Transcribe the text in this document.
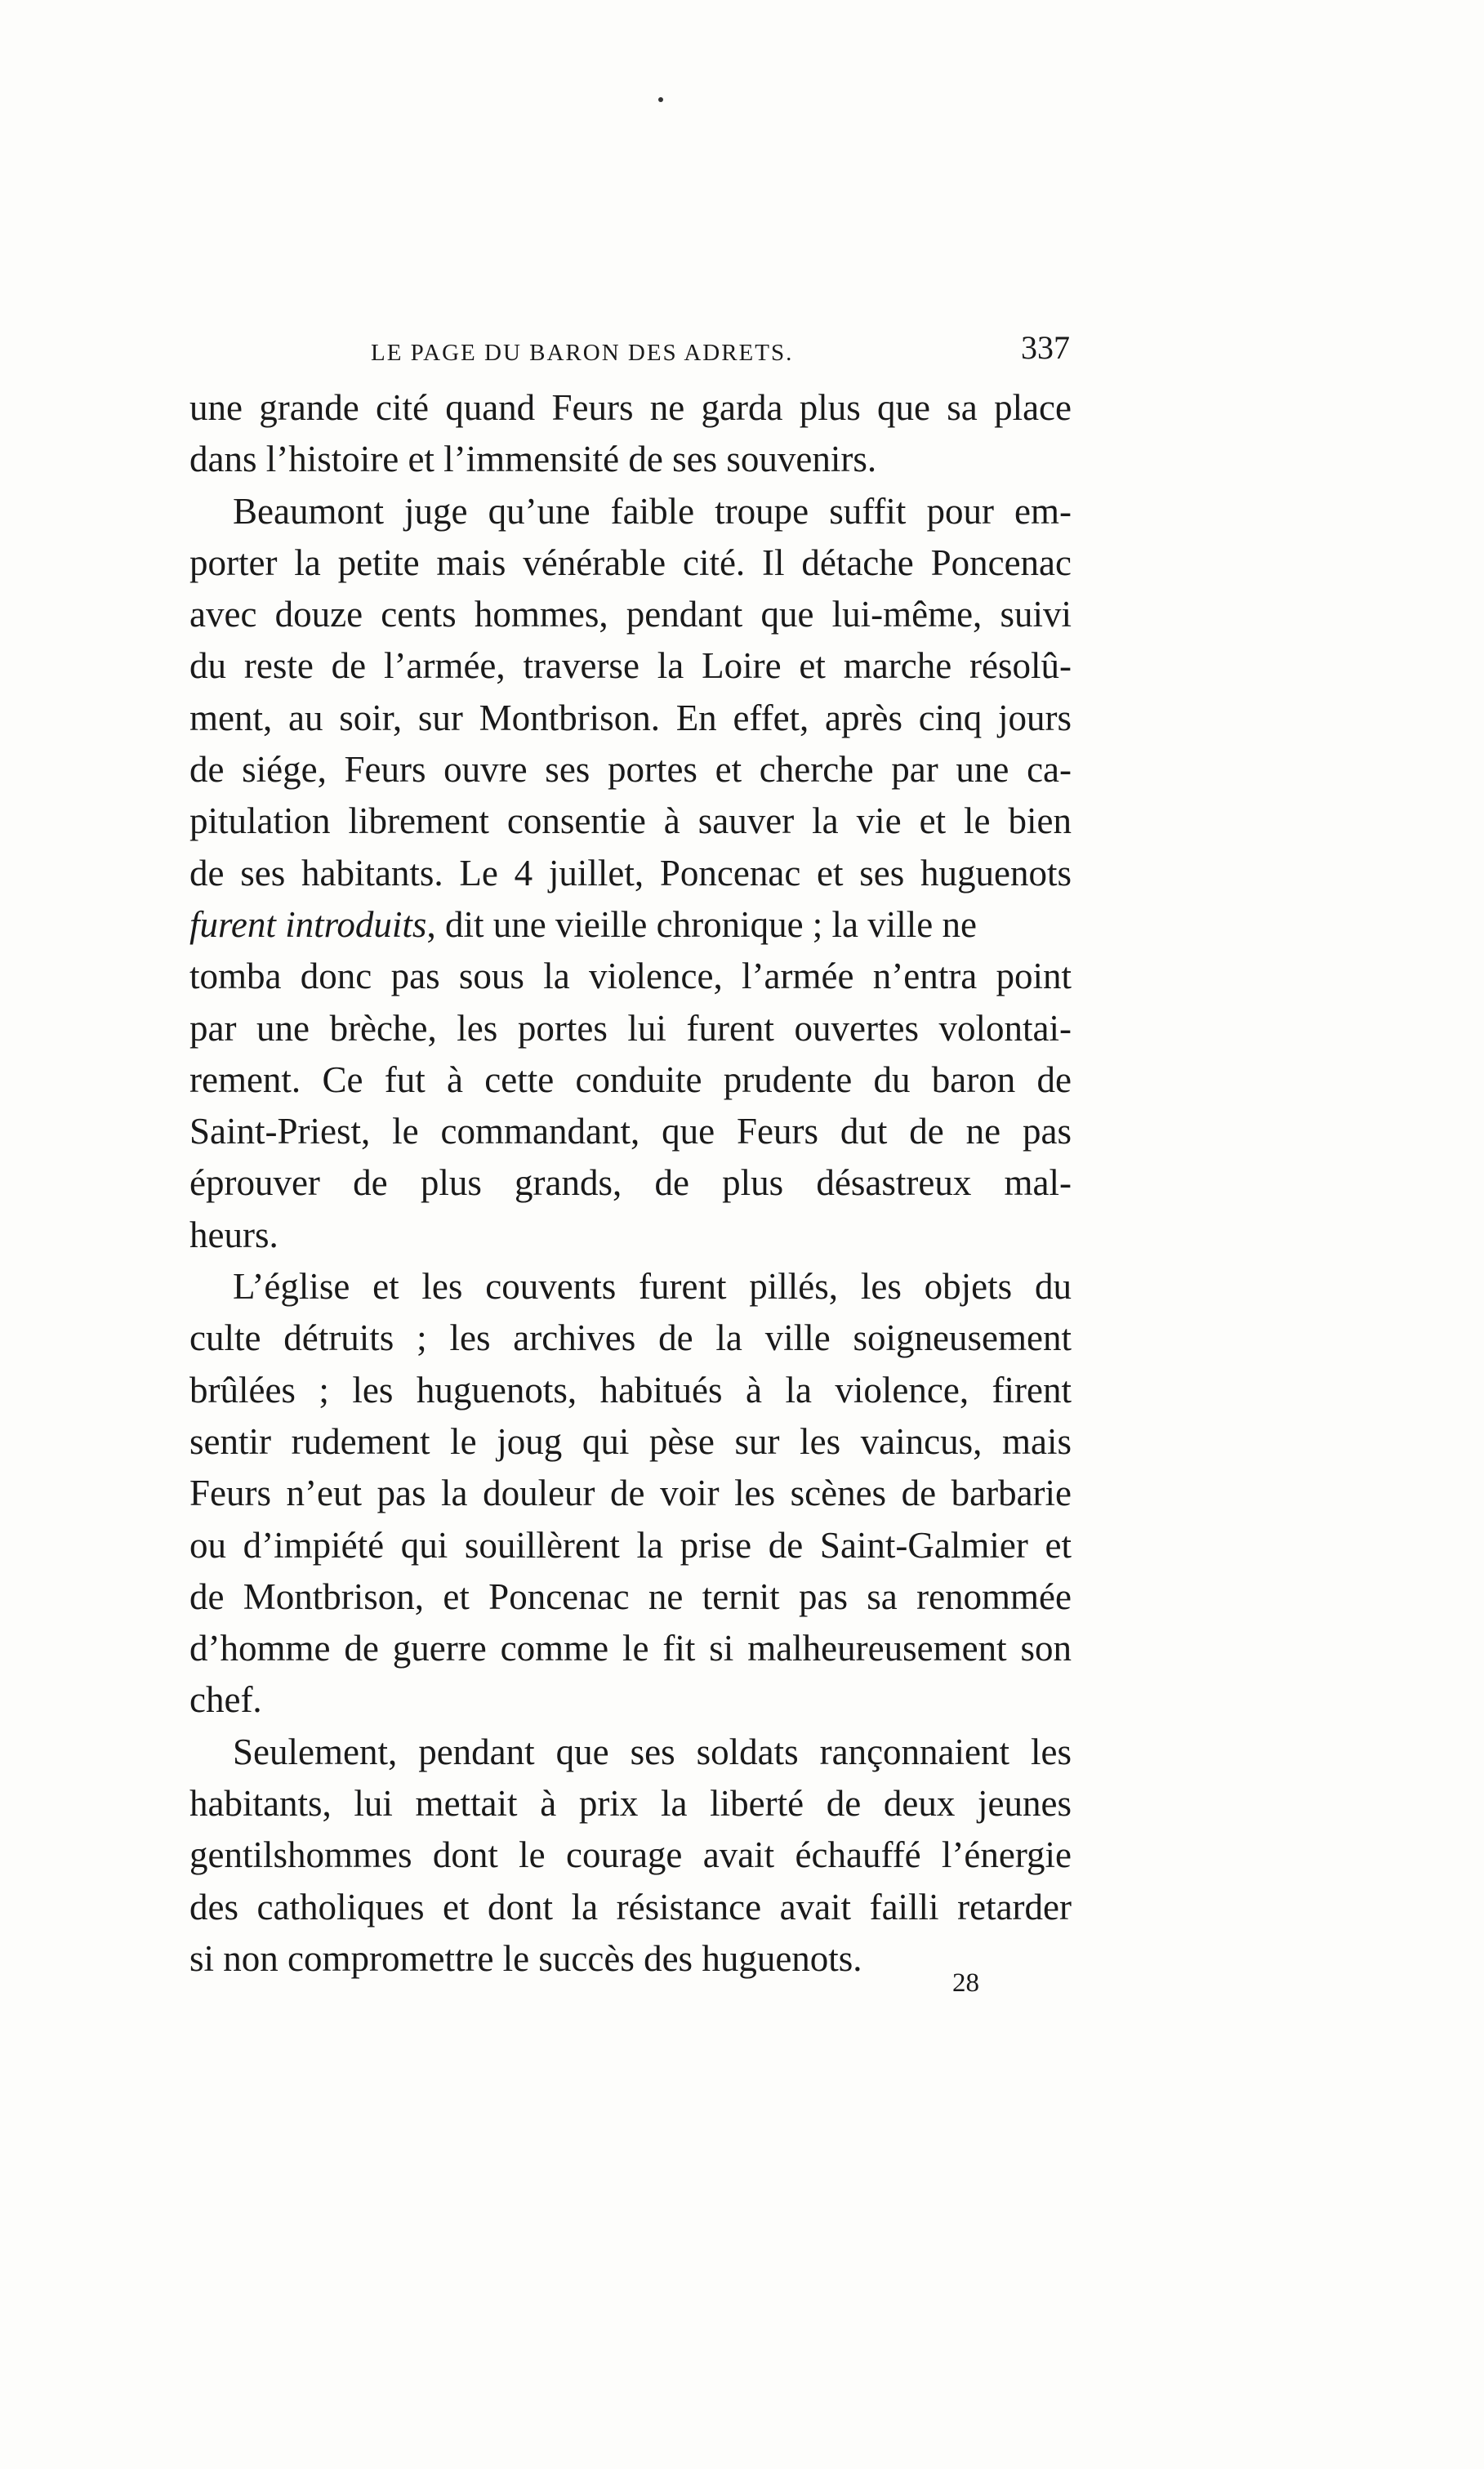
LE PAGE DU BARON DES ADRETS.	337
une grande cité quand Feurs ne garda plus que sa place
dans l’histoire et l’immensité de ses souvenirs.
Beaumont juge qu’une faible troupe suffit pour em-
porter la petite mais vénérable cité. Il détache Poncenac
avec douze cents hommes, pendant que lui-même, suivi
du reste de l’armée, traverse la Loire et marche résolû-
ment, au soir, sur Montbrison. En effet, après cinq jours
de siége, Feurs ouvre ses portes et cherche par une ca-
pitulation librement consentie à sauver la vie et le bien
de ses habitants. Le 4 juillet, Poncenac et ses huguenots
furent introduits, dit une vieille chronique ; la ville ne
tomba donc pas sous la violence, l’armée n’entra point
par une brèche, les portes lui furent ouvertes volontai-
rement. Ce fut à cette conduite prudente du baron de
Saint-Priest, le commandant, que Feurs dut de ne pas
éprouver de plus grands, de plus désastreux mal-
heurs.
L’église et les couvents furent pillés, les objets du
culte détruits ; les archives de la ville soigneusement
brûlées ; les huguenots, habitués à la violence, firent
sentir rudement le joug qui pèse sur les vaincus, mais
Feurs n’eut pas la douleur de voir les scènes de barbarie
ou d’impiété qui souillèrent la prise de Saint-Galmier et
de Montbrison, et Poncenac ne ternit pas sa renommée
d’homme de guerre comme le fit si malheureusement son
chef.
Seulement, pendant que ses soldats rançonnaient les
habitants, lui mettait à prix la liberté de deux jeunes
gentilshommes dont le courage avait échauffé l’énergie
des catholiques et dont la résistance avait failli retarder
si non compromettre le succès des huguenots.
28
